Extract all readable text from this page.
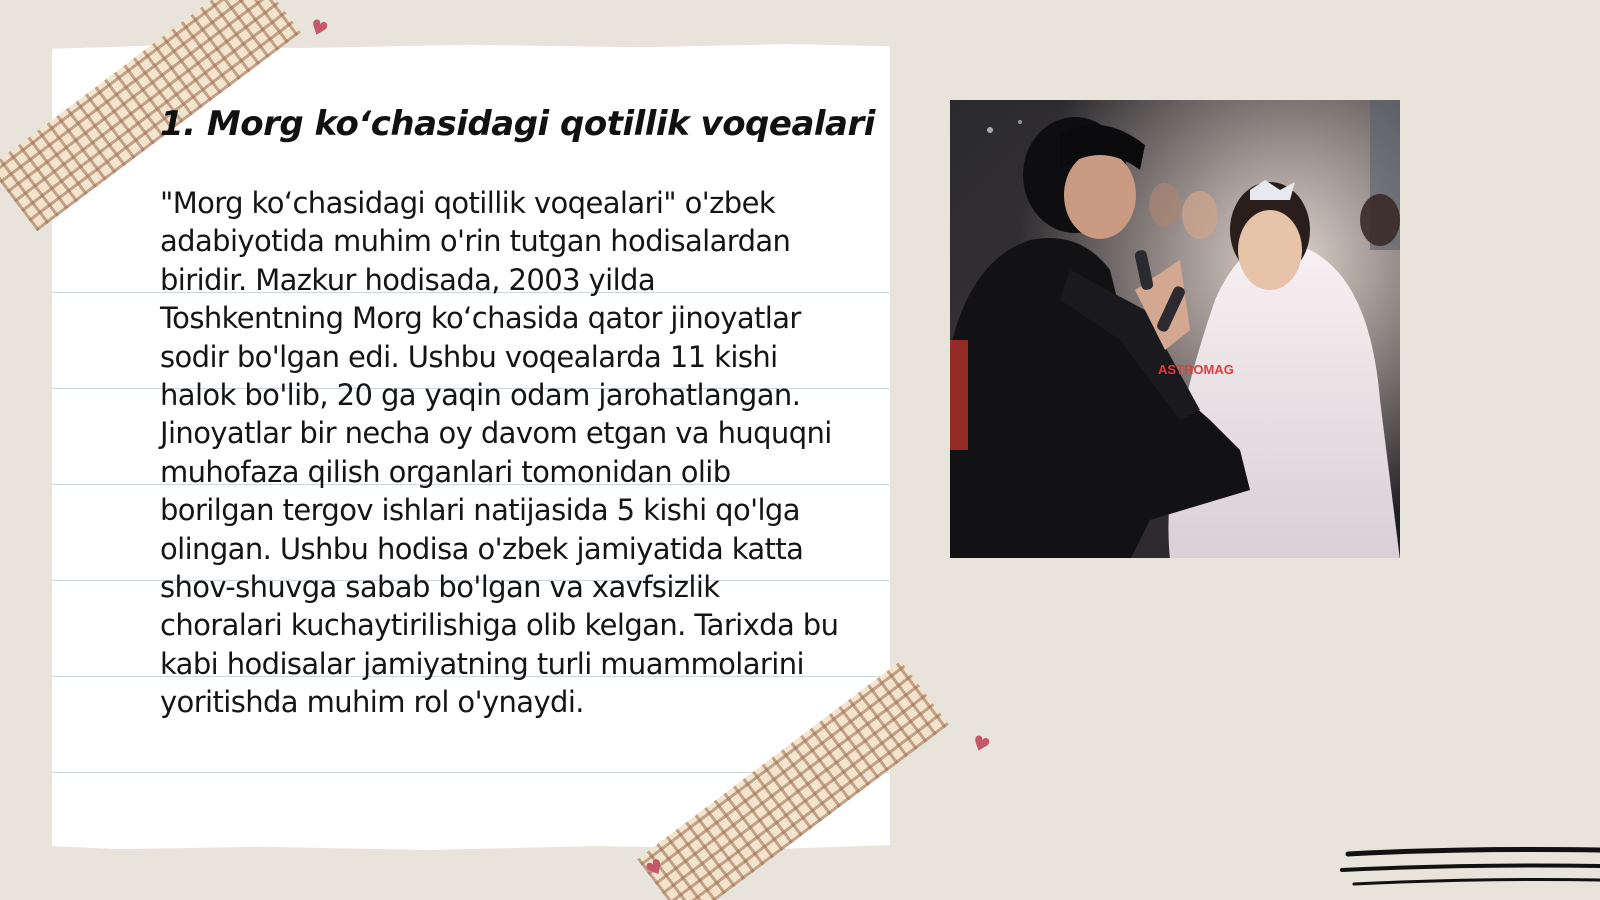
♥
1. Morg ko‘chasidagi qotillik voqealari

"Morg ko‘chasidagi qotillik voqealari" o'zbek adabiyotida muhim o'rin tutgan hodisalardan biridir. Mazkur hodisada, 2003 yilda Toshkentning Morg ko‘chasida qator jinoyatlar sodir bo'lgan edi. Ushbu voqealarda 11 kishi halok bo'lib, 20 ga yaqin odam jarohatlangan. Jinoyatlar bir necha oy davom etgan va huquqni muhofaza qilish organlari tomonidan olib borilgan tergov ishlari natijasida 5 kishi qo'lga olingan. Ushbu hodisa o'zbek jamiyatida katta shov-shuvga sabab bo'lgan va xavfsizlik choralari kuchaytirilishiga olib kelgan. Tarixda bu kabi hodisalar jamiyatning turli muammolarini yoritishda muhim rol o'ynaydi.

ASTROMAG
♥
♥
